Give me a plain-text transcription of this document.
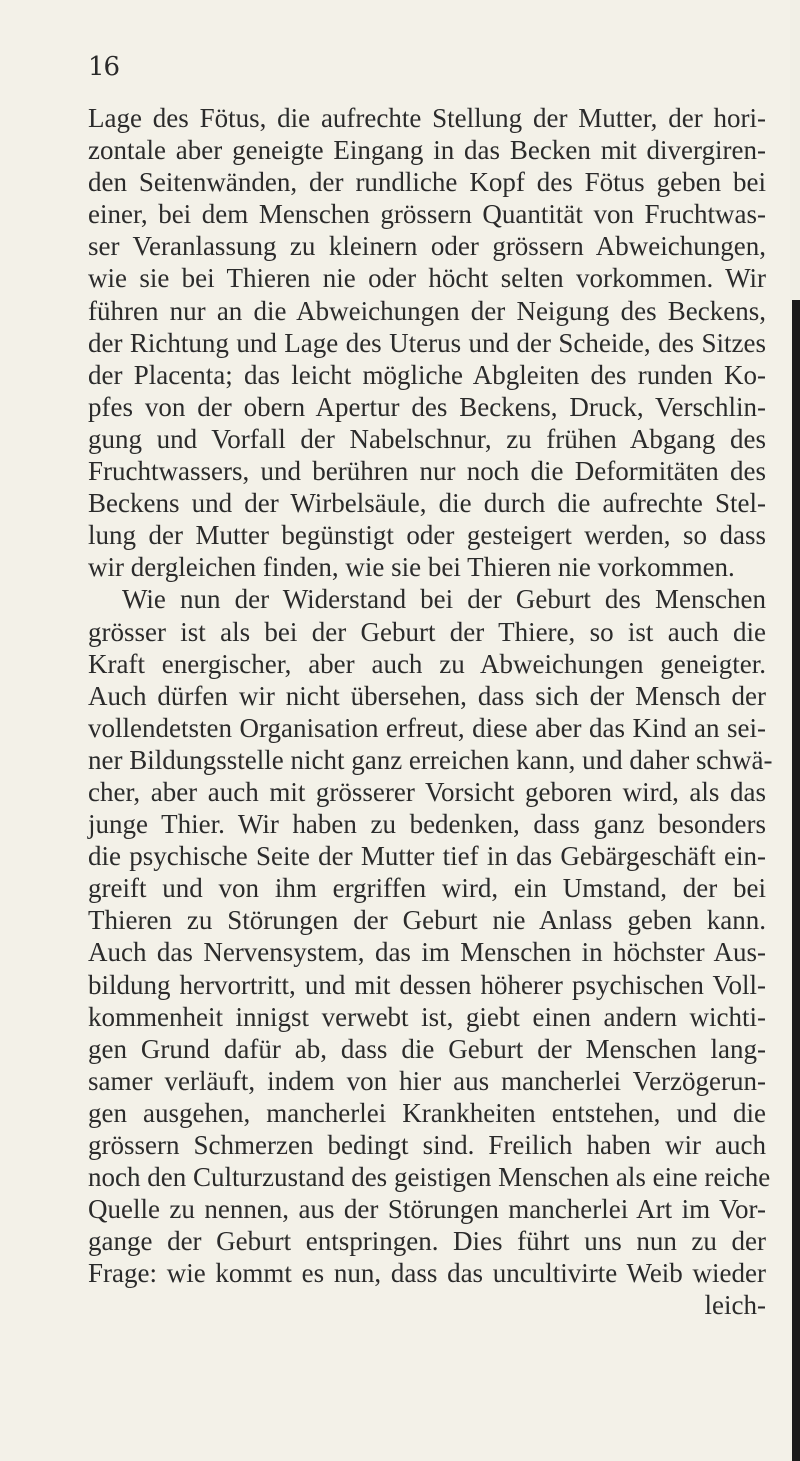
16
Lage des Fötus, die aufrechte Stellung der Mutter, der hori-
zontale aber geneigte Eingang in das Becken mit divergiren-
den Seitenwänden, der rundliche Kopf des Fötus geben bei
einer, bei dem Menschen grössern Quantität von Fruchtwas-
ser Veranlassung zu kleinern oder grössern Abweichungen,
wie sie bei Thieren nie oder höcht selten vorkommen. Wir
führen nur an die Abweichungen der Neigung des Beckens,
der Richtung und Lage des Uterus und der Scheide, des Sitzes
der Placenta; das leicht mögliche Abgleiten des runden Ko-
pfes von der obern Apertur des Beckens, Druck, Verschlin-
gung und Vorfall der Nabelschnur, zu frühen Abgang des
Fruchtwassers, und berühren nur noch die Deformitäten des
Beckens und der Wirbelsäule, die durch die aufrechte Stel-
lung der Mutter begünstigt oder gesteigert werden, so dass
wir dergleichen finden, wie sie bei Thieren nie vorkommen.
Wie nun der Widerstand bei der Geburt des Menschen
grösser ist als bei der Geburt der Thiere, so ist auch die
Kraft energischer, aber auch zu Abweichungen geneigter.
Auch dürfen wir nicht übersehen, dass sich der Mensch der
vollendetsten Organisation erfreut, diese aber das Kind an sei-
ner Bildungsstelle nicht ganz erreichen kann, und daher schwä-
cher, aber auch mit grösserer Vorsicht geboren wird, als das
junge Thier. Wir haben zu bedenken, dass ganz besonders
die psychische Seite der Mutter tief in das Gebärgeschäft ein-
greift und von ihm ergriffen wird, ein Umstand, der bei
Thieren zu Störungen der Geburt nie Anlass geben kann.
Auch das Nervensystem, das im Menschen in höchster Aus-
bildung hervortritt, und mit dessen höherer psychischen Voll-
kommenheit innigst verwebt ist, giebt einen andern wichti-
gen Grund dafür ab, dass die Geburt der Menschen lang-
samer verläuft, indem von hier aus mancherlei Verzögerun-
gen ausgehen, mancherlei Krankheiten entstehen, und die
grössern Schmerzen bedingt sind. Freilich haben wir auch
noch den Culturzustand des geistigen Menschen als eine reiche
Quelle zu nennen, aus der Störungen mancherlei Art im Vor-
gange der Geburt entspringen. Dies führt uns nun zu der
Frage: wie kommt es nun, dass das uncultivirte Weib wieder
leich-
